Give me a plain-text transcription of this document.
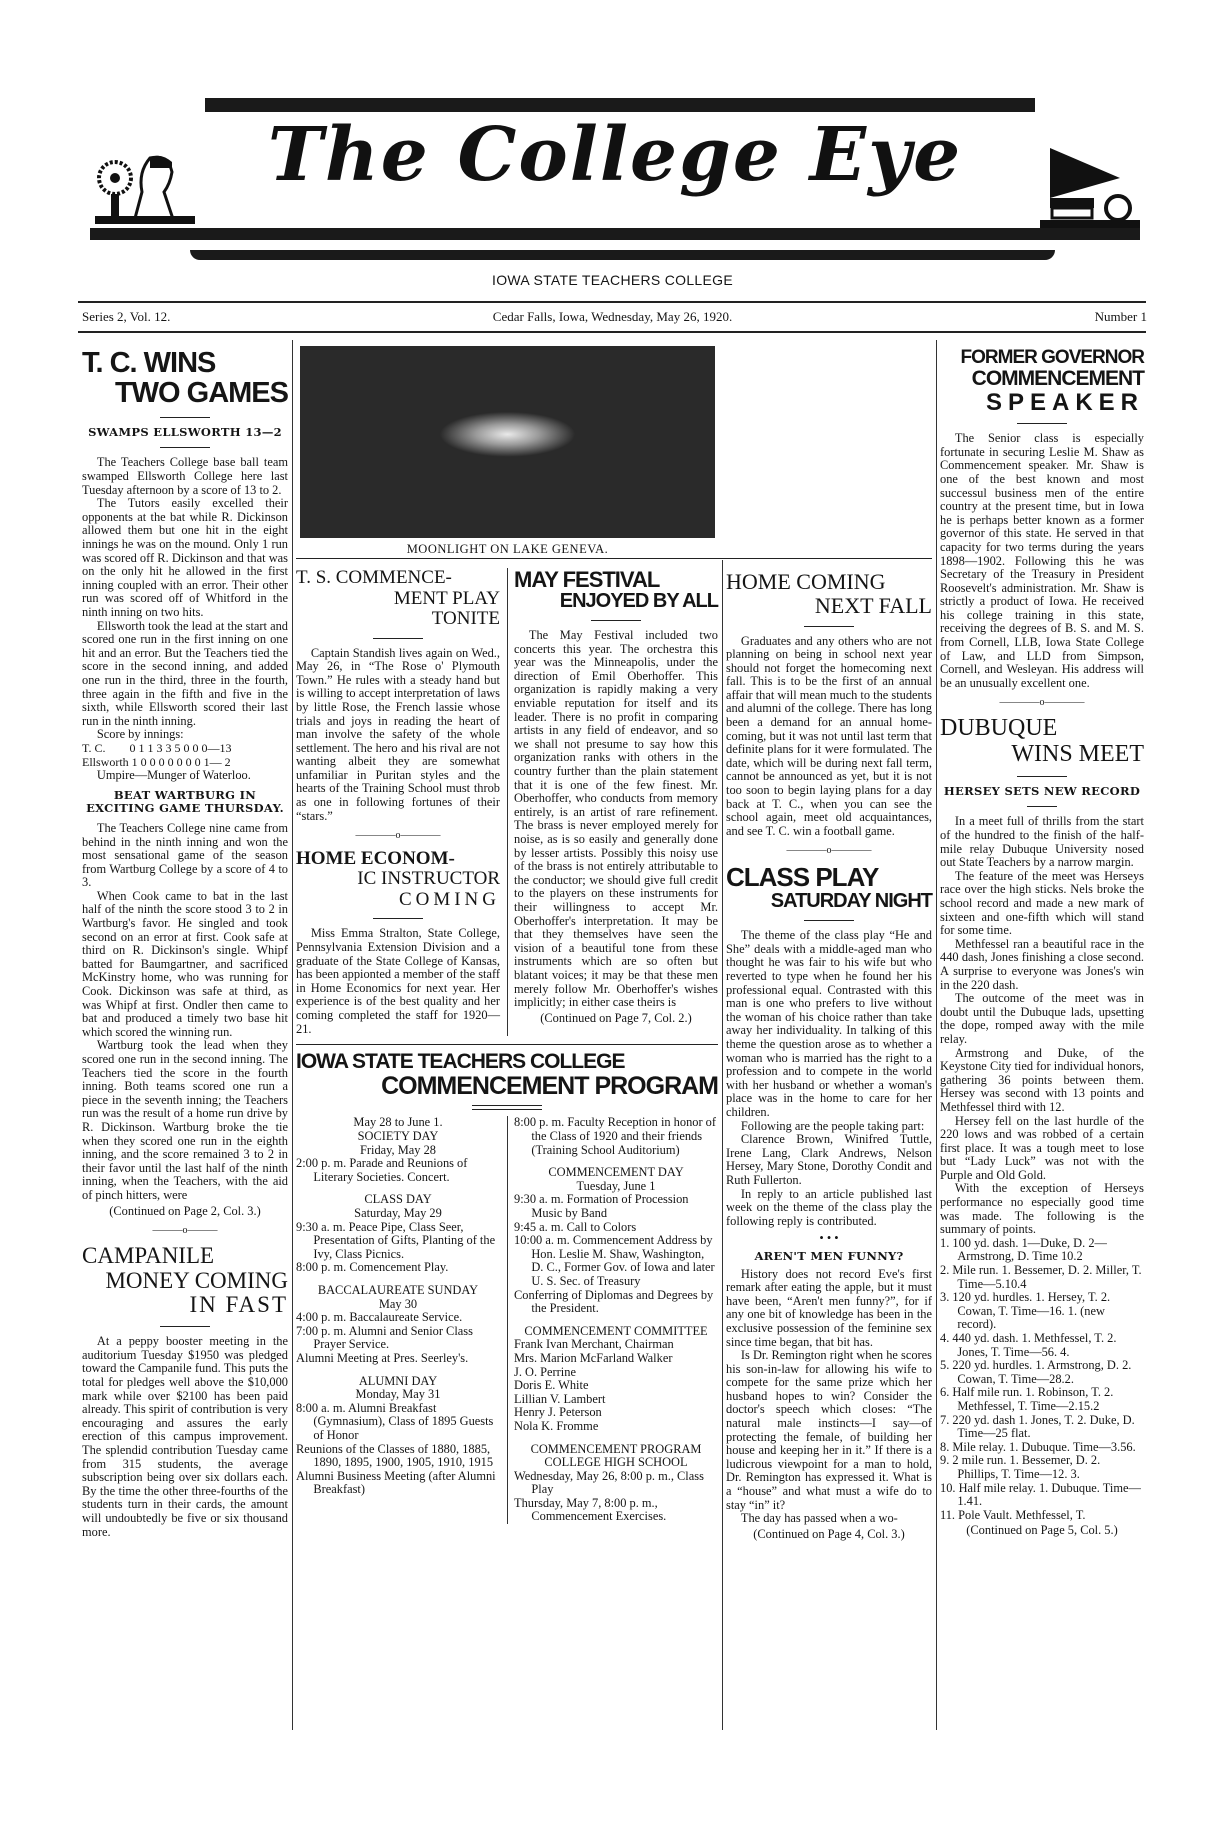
The College Eye
IOWA STATE TEACHERS COLLEGE
Series 2, Vol. 12.	Cedar Falls, Iowa, Wednesday, May 26, 1920.	Number 1
T. C. WINS
TWO GAMES
SWAMPS ELLSWORTH 13—2

The Teachers College base ball team swamped Ellsworth College here last Tuesday afternoon by a score of 13 to 2.

The Tutors easily excelled their opponents at the bat while R. Dickinson allowed them but one hit in the eight innings he was on the mound. Only 1 run was scored off R. Dickinson and that was on the only hit he allowed in the first inning coupled with an error. Their other run was scored off of Whitford in the ninth inning on two hits.

Ellsworth took the lead at the start and scored one run in the first inning on one hit and an error. But the Teachers tied the score in the second inning, and added one run in the third, three in the fourth, three again in the fifth and five in the sixth, while Ellsworth scored their last run in the ninth inning.

Score by innings:

T. C.        0 1 1 3 3 5 0 0 0—13

Ellsworth 1 0 0 0 0 0 0 0 1— 2

Umpire—Munger of Waterloo.

BEAT WARTBURG IN EXCITING GAME THURSDAY.

The Teachers College nine came from behind in the ninth inning and won the most sensational game of the season from Wartburg College by a score of 4 to 3.

When Cook came to bat in the last half of the ninth the score stood 3 to 2 in Wartburg's favor. He singled and took second on an error at first. Cook safe at third on R. Dickinson's single. Whipf batted for Baumgartner, and sacrificed McKinstry home, who was running for Cook. Dickinson was safe at third, as was Whipf at first. Ondler then came to bat and produced a timely two base hit which scored the winning run.

Wartburg took the lead when they scored one run in the second inning. The Teachers tied the score in the fourth inning. Both teams scored one run a piece in the seventh inning; the Teachers run was the result of a home run drive by R. Dickinson. Wartburg broke the tie when they scored one run in the eighth inning, and the score remained 3 to 2 in their favor until the last half of the ninth inning, when the Teachers, with the aid of pinch hitters, were

(Continued on Page 2, Col. 3.)
———o———
CAMPANILE
MONEY COMING
IN FAST

At a peppy booster meeting in the auditorium Tuesday $1950 was pledged toward the Campanile fund. This puts the total for pledges well above the $10,000 mark while over $2100 has been paid already. This spirit of contribution is very encouraging and assures the early erection of this campus improvement. The splendid contribution Tuesday came from 315 students, the average subscription being over six dollars each. By the time the other three-fourths of the students turn in their cards, the amount will undoubtedly be five or six thousand more.

MOONLIGHT ON LAKE GENEVA.
T. S. COMMENCE-
MENT PLAY
TONITE

Captain Standish lives again on Wed., May 26, in “The Rose o' Plymouth Town.” He rules with a steady hand but is willing to accept interpretation of laws by little Rose, the French lassie whose trials and joys in reading the heart of man involve the safety of the whole settlement. The hero and his rival are not wanting albeit they are somewhat unfamiliar in Puritan styles and the hearts of the Training School must throb as one in following fortunes of their “stars.”

————o————
HOME ECONOM-
IC INSTRUCTOR
COMING

Miss Emma Stralton, State College, Pennsylvania Extension Division and a graduate of the State College of Kansas, has been appionted a member of the staff in Home Economics for next year. Her experience is of the best quality and her coming completed the staff for 1920—21.

MAY FESTIVAL
ENJOYED BY ALL

The May Festival included two concerts this year. The orchestra this year was the Minneapolis, under the direction of Emil Oberhoffer. This organization is rapidly making a very enviable reputation for itself and its leader. There is no profit in comparing artists in any field of endeavor, and so we shall not presume to say how this organization ranks with others in the country further than the plain statement that it is one of the few finest. Mr. Oberhoffer, who conducts from memory entirely, is an artist of rare refinement. The brass is never employed merely for noise, as is so easily and generally done by lesser artists. Possibly this noisy use of the brass is not entirely attributable to the conductor; we should give full credit to the players on these instruments for their willingness to accept Mr. Oberhoffer's interpretation. It may be that they themselves have seen the vision of a beautiful tone from these instruments which are so often but blatant voices; it may be that these men merely follow Mr. Oberhoffer's wishes implicitly; in either case theirs is

(Continued on Page 7, Col. 2.)
IOWA STATE TEACHERS COLLEGE
COMMENCEMENT PROGRAM

May 28 to June 1.

SOCIETY DAY

Friday, May 28

2:00 p. m. Parade and Reunions of Literary Societies. Concert.

CLASS DAY

Saturday, May 29

9:30 a. m. Peace Pipe, Class Seer, Presentation of Gifts, Planting of the Ivy, Class Picnics.

8:00 p. m. Comencement Play.

BACCALAUREATE SUNDAY

May 30

4:00 p. m. Baccalaureate Service.

7:00 p. m. Alumni and Senior Class Prayer Service.

Alumni Meeting at Pres. Seerley's.

ALUMNI DAY

Monday, May 31

8:00 a. m. Alumni Breakfast (Gymnasium), Class of 1895 Guests of Honor

Reunions of the Classes of 1880, 1885, 1890, 1895, 1900, 1905, 1910, 1915

Alumni Business Meeting (after Alumni Breakfast)

8:00 p. m. Faculty Reception in honor of the Class of 1920 and their friends (Training School Auditorium)

COMMENCEMENT DAY

Tuesday, June 1

9:30 a. m. Formation of Procession Music by Band

9:45 a. m. Call to Colors

10:00 a. m. Commencement Address by Hon. Leslie M. Shaw, Washington, D. C., Former Gov. of Iowa and later U. S. Sec. of Treasury

Conferring of Diplomas and Degrees by the President.

COMMENCEMENT COMMITTEE

Frank Ivan Merchant, Chairman

Mrs. Marion McFarland Walker

J. O. Perrine

Doris E. White

Lillian V. Lambert

Henry J. Peterson

Nola K. Fromme

COMMENCEMENT PROGRAM COLLEGE HIGH SCHOOL

Wednesday, May 26, 8:00 p. m., Class Play

Thursday, May 7, 8:00 p. m., Commencement Exercises.

HOME COMING
NEXT FALL

Graduates and any others who are not planning on being in school next year should not forget the homecoming next fall. This is to be the first of an annual affair that will mean much to the students and alumni of the college. There has long been a demand for an annual home-coming, but it was not until last term that definite plans for it were formulated. The date, which will be during next fall term, cannot be announced as yet, but it is not too soon to begin laying plans for a day back at T. C., when you can see the school again, meet old acquaintances, and see T. C. win a football game.

————o————
CLASS PLAY
SATURDAY NIGHT

The theme of the class play “He and She” deals with a middle-aged man who thought he was fair to his wife but who reverted to type when he found her his professional equal. Contrasted with this man is one who prefers to live without the woman of his choice rather than take away her individuality. In talking of this theme the question arose as to whether a woman who is married has the right to a profession and to compete in the world with her husband or whether a woman's place was in the home to care for her children.

Following are the people taking part:

Clarence Brown, Winifred Tuttle, Irene Lang, Clark Andrews, Nelson Hersey, Mary Stone, Dorothy Condit and Ruth Fullerton.

In reply to an article published last week on the theme of the class play the following reply is contributed.

• • •
AREN'T MEN FUNNY?

History does not record Eve's first remark after eating the apple, but it must have been, “Aren't men funny?”, for if any one bit of knowledge has been in the exclusive possession of the feminine sex since time began, that bit has.

Is Dr. Remington right when he scores his son-in-law for allowing his wife to compete for the same prize which her husband hopes to win? Consider the doctor's speech which closes: “The natural male instincts—I say—of protecting the female, of building her house and keeping her in it.” If there is a ludicrous viewpoint for a man to hold, Dr. Remington has expressed it. What is a “house” and what must a wife do to stay “in” it?

The day has passed when a wo-

(Continued on Page 4, Col. 3.)
FORMER GOVERNOR
COMMENCEMENT
SPEAKER

The Senior class is especially fortunate in securing Leslie M. Shaw as Commencement speaker. Mr. Shaw is one of the best known and most successul business men of the entire country at the present time, but in Iowa he is perhaps better known as a former governor of this state. He served in that capacity for two terms during the years 1898—1902. Following this he was Secretary of the Treasury in President Roosevelt's administration. Mr. Shaw is strictly a product of Iowa. He received his college training in this state, receiving the degrees of B. S. and M. S. from Cornell, LLB, Iowa State College of Law, and LLD from Simpson, Cornell, and Wesleyan. His address will be an unusually excellent one.

————o————
DUBUQUE
WINS MEET
HERSEY SETS NEW RECORD

In a meet full of thrills from the start of the hundred to the finish of the half-mile relay Dubuque University nosed out State Teachers by a narrow margin.

The feature of the meet was Herseys race over the high sticks. Nels broke the school record and made a new mark of sixteen and one-fifth which will stand for some time.

Methfessel ran a beautiful race in the 440 dash, Jones finishing a close second. A surprise to everyone was Jones's win in the 220 dash.

The outcome of the meet was in doubt until the Dubuque lads, upsetting the dope, romped away with the mile relay.

Armstrong and Duke, of the Keystone City tied for individual honors, gathering 36 points between them. Hersey was second with 13 points and Methfessel third with 12.

Hersey fell on the last hurdle of the 220 lows and was robbed of a certain first place. It was a tough meet to lose but “Lady Luck” was not with the Purple and Old Gold.

With the exception of Herseys performance no especially good time was made. The following is the summary of points.

1. 100 yd. dash. 1—Duke, D. 2—Armstrong, D. Time 10.2

2. Mile run. 1. Bessemer, D. 2. Miller, T. Time—5.10.4

3. 120 yd. hurdles. 1. Hersey, T. 2. Cowan, T. Time—16. 1. (new record).

4. 440 yd. dash. 1. Methfessel, T. 2. Jones, T. Time—56. 4.

5. 220 yd. hurdles. 1. Armstrong, D. 2. Cowan, T. Time—28.2.

6. Half mile run. 1. Robinson, T. 2. Methfessel, T. Time—2.15.2

7. 220 yd. dash 1. Jones, T. 2. Duke, D. Time—25 flat.

8. Mile relay. 1. Dubuque. Time—3.56.

9. 2 mile run. 1. Bessemer, D. 2. Phillips, T. Time—12. 3.

10. Half mile relay. 1. Dubuque. Time—1.41.

11. Pole Vault. Methfessel, T.

(Continued on Page 5, Col. 5.)
